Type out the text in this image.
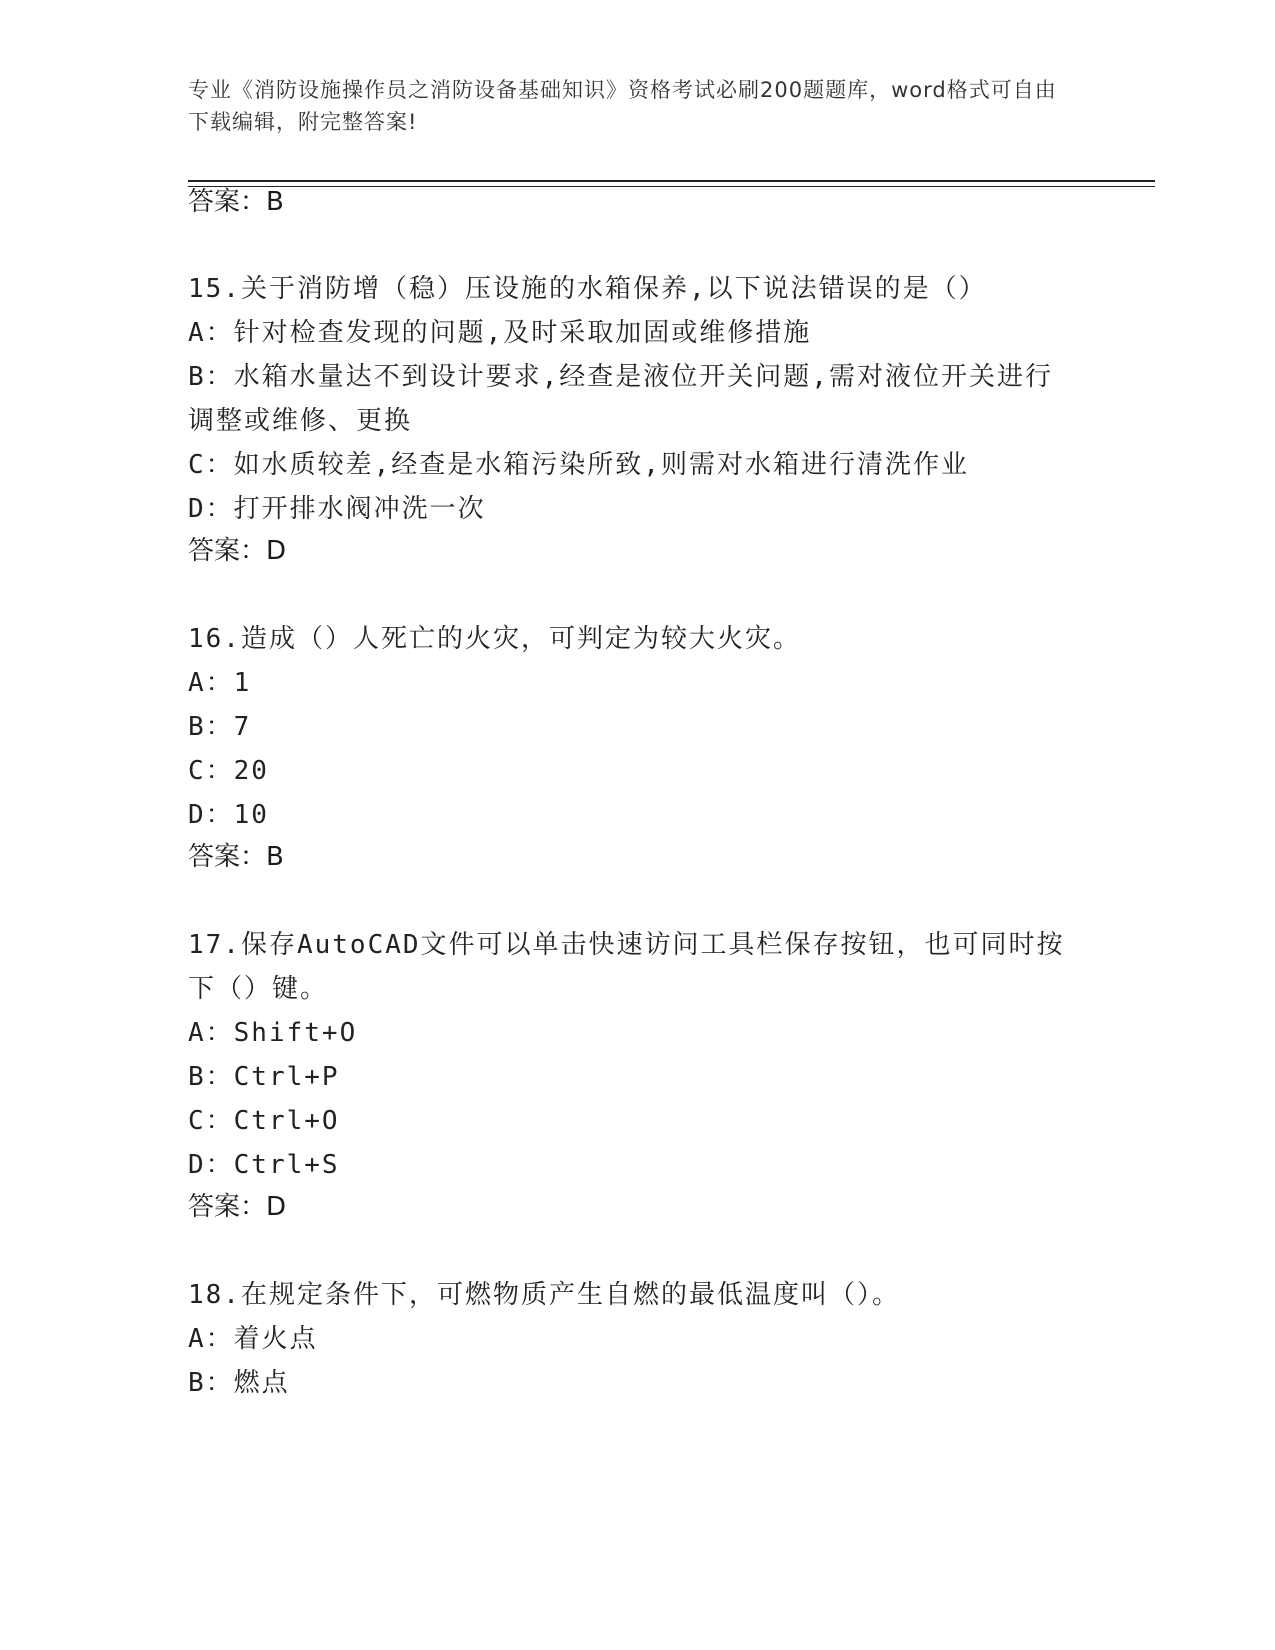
专业《消防设施操作员之消防设备基础知识》资格考试必刷200题题库，word格式可自由下载编辑，附完整答案!
答案：B
15.关于消防增（稳）压设施的水箱保养,以下说法错误的是（）
A：针对检查发现的问题,及时采取加固或维修措施
B：水箱水量达不到设计要求,经查是液位开关问题,需对液位开关进行
调整或维修、更换
C：如水质较差,经查是水箱污染所致,则需对水箱进行清洗作业
D：打开排水阀冲洗一次
答案：D
16.造成（）人死亡的火灾，可判定为较大火灾。
A：1
B：7
C：20
D：10
答案：B
17.保存AutoCAD文件可以单击快速访问工具栏保存按钮，也可同时按
下（）键。
A：Shift+O
B：Ctrl+P
C：Ctrl+O
D：Ctrl+S
答案：D
18.在规定条件下，可燃物质产生自燃的最低温度叫（）。
A：着火点
B：燃点
